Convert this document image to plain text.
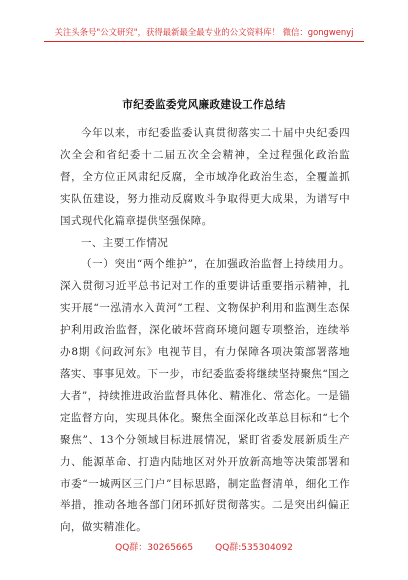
关注头条号"公文研究"，获得最新最全最专业的公文资料库！ 微信：gongwenyj
市纪委监委党风廉政建设工作总结

今年以来，市纪委监委认真贯彻落实二十届中央纪委四次全会和省纪委十二届五次全会精神，全过程强化政治监督，全方位正风肃纪反腐，全市域净化政治生态，全覆盖抓实队伍建设，努力推动反腐败斗争取得更大成果，为谱写中国式现代化篇章提供坚强保障。

一、主要工作情况

（一）突出“两个维护”，在加强政治监督上持续用力。深入贯彻习近平总书记对工作的重要讲话重要指示精神，扎实开展“一泓清水入黄河”工程、文物保护利用和监测生态保护利用政治监督，深化破坏营商环境问题专项整治，连续举办8期《问政河东》电视节目，有力保障各项决策部署落地落实、事事见效。下一步，市纪委监委将继续坚持聚焦“国之大者”，持续推进政治监督具体化、精准化、常态化。一是锚定监督方向，实现具体化。聚焦全面深化改革总目标和“七个聚焦”、13个分领域目标进展情况，紧盯省委发展新质生产力、能源革命、打造内陆地区对外开放新高地等决策部署和市委“一城两区三门户”目标思路，制定监督清单，细化工作举措，推动各地各部门闭环抓好贯彻落实。二是突出纠偏正向，做实精准化。

QQ群：30265665 QQ群:535304092
